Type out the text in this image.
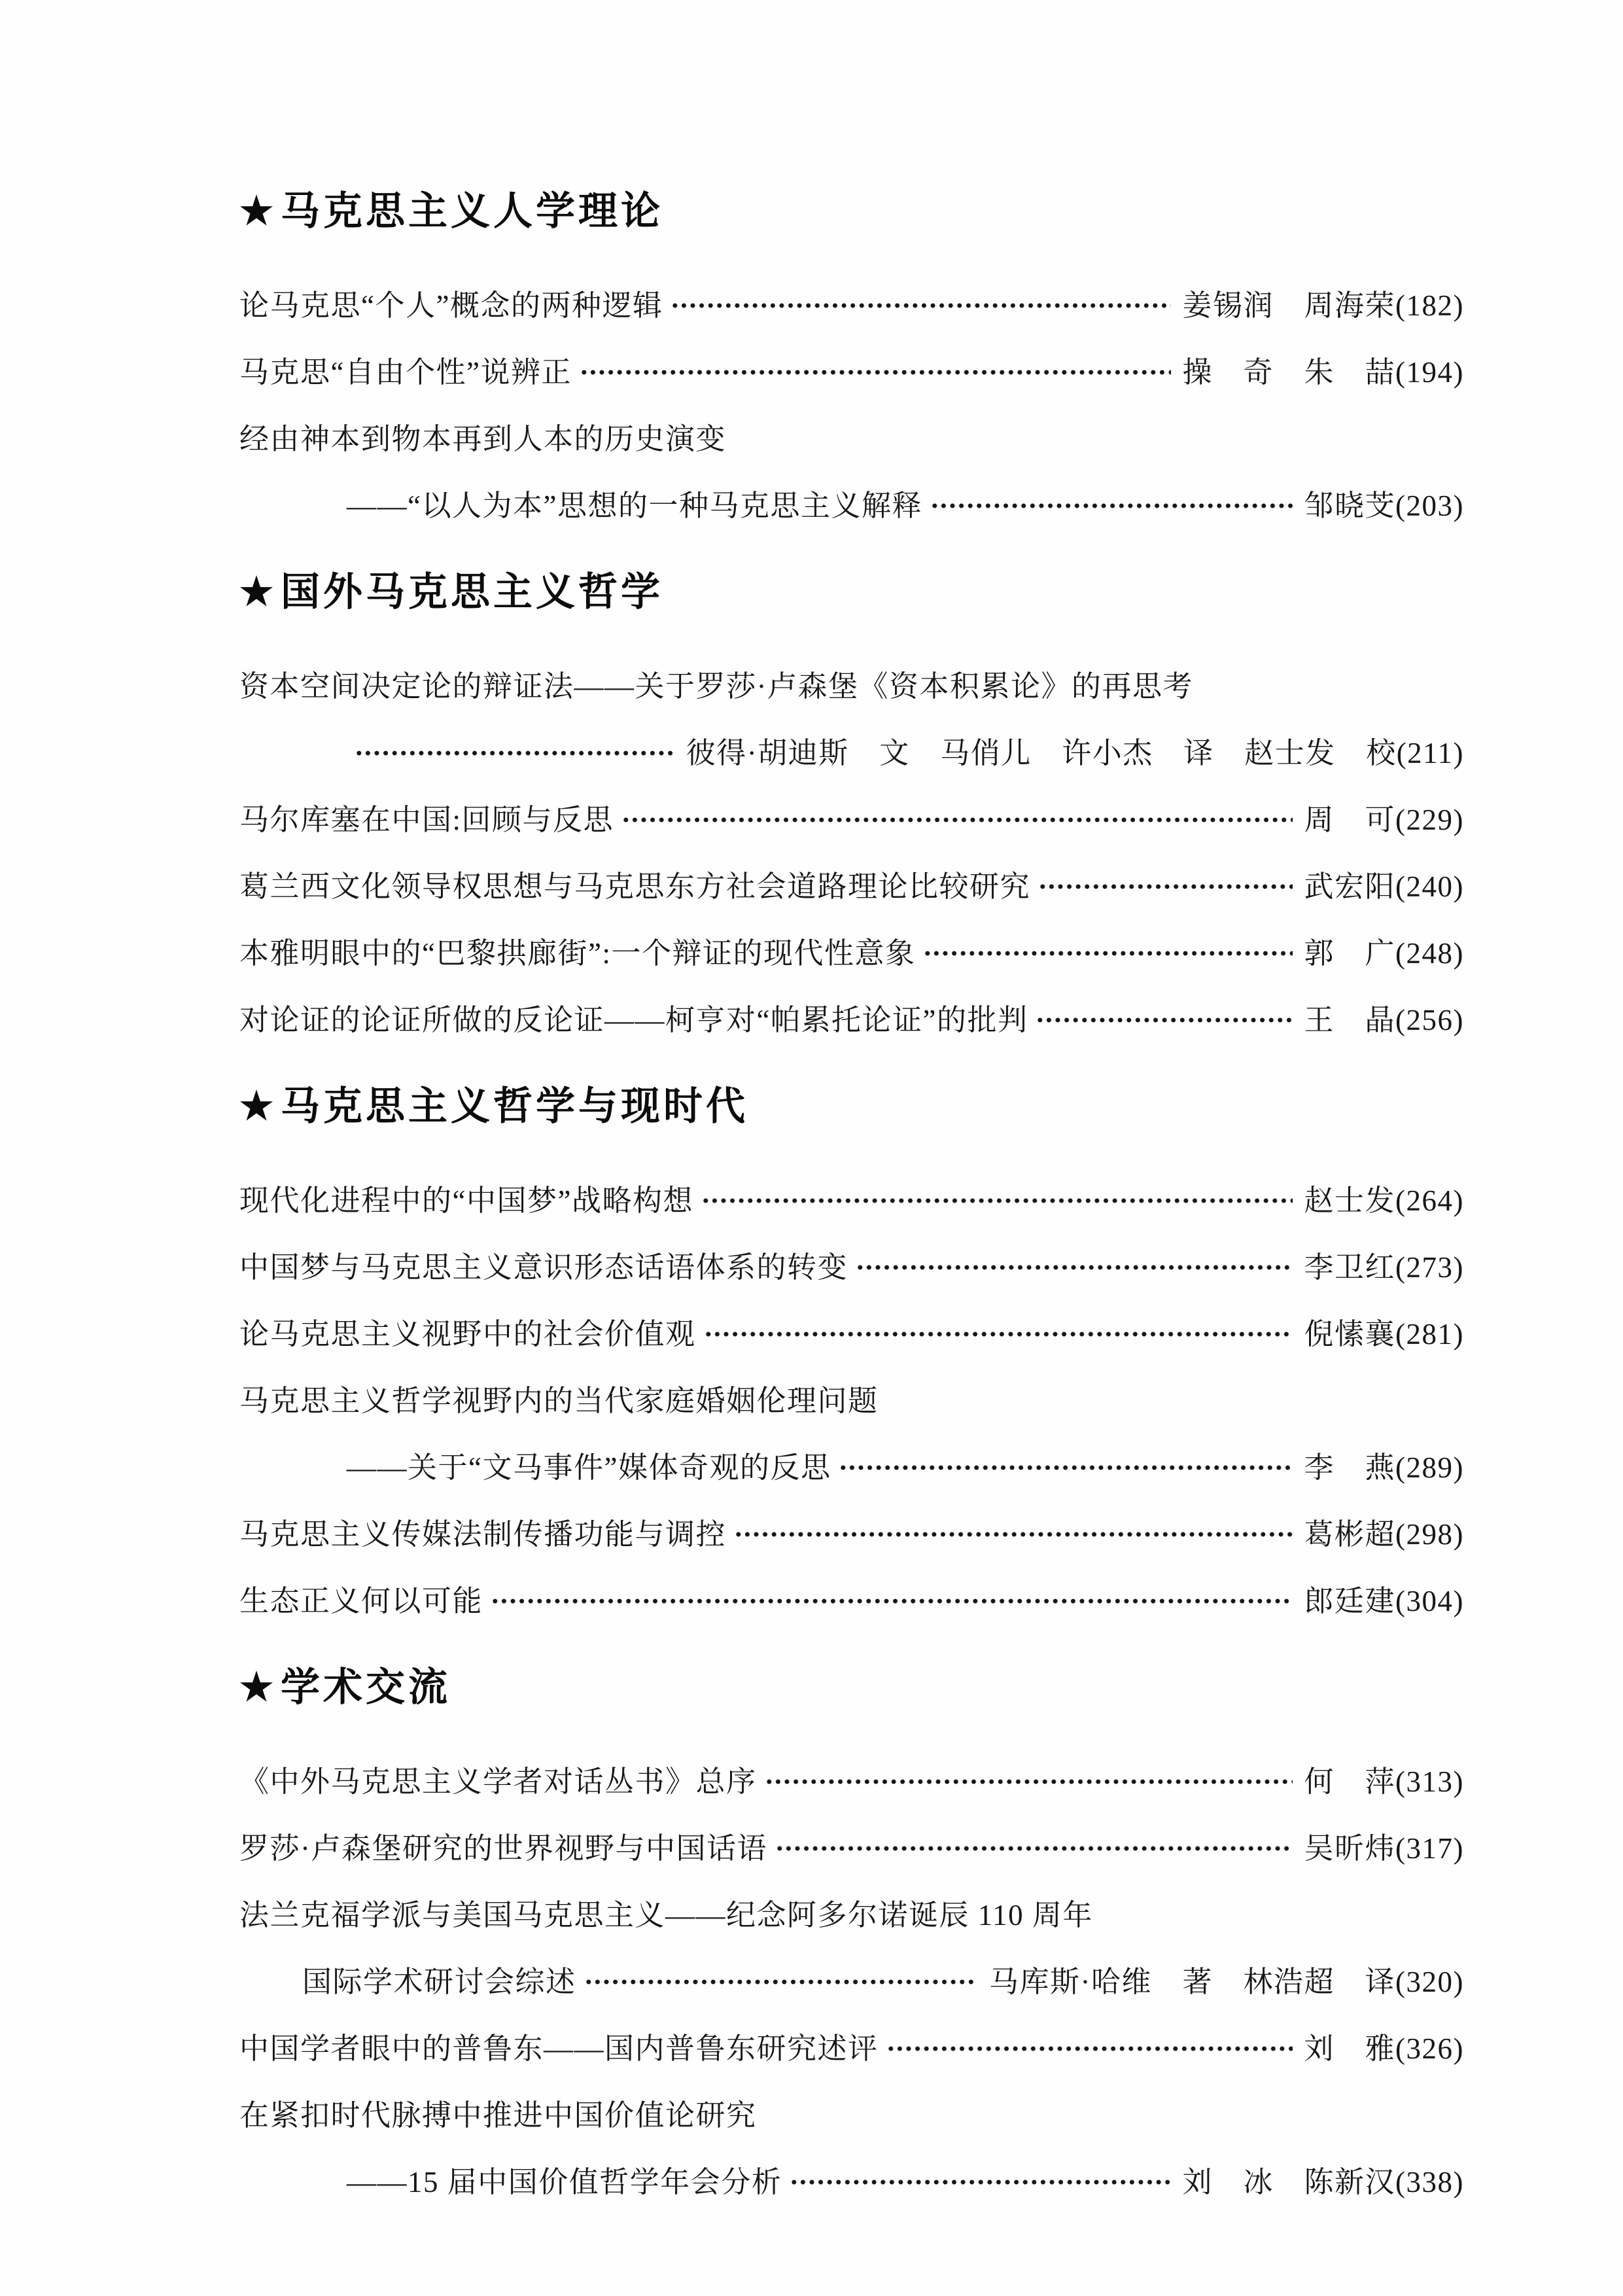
★ 马克思主义人学理论
论马克思“个人”概念的两种逻辑	姜锡润　周海荣(182)
马克思“自由个性”说辨正	操　奇　朱　喆(194)
经由神本到物本再到人本的历史演变
——“以人为本”思想的一种马克思主义解释	邹晓芠(203)
★ 国外马克思主义哲学
资本空间决定论的辩证法——关于罗莎·卢森堡《资本积累论》的再思考
彼得·胡迪斯　文　马俏儿　许小杰　译　赵士发　校(211)
马尔库塞在中国:回顾与反思	周　可(229)
葛兰西文化领导权思想与马克思东方社会道路理论比较研究	武宏阳(240)
本雅明眼中的“巴黎拱廊街”:一个辩证的现代性意象	郭　广(248)
对论证的论证所做的反论证——柯亨对“帕累托论证”的批判	王　晶(256)
★ 马克思主义哲学与现时代
现代化进程中的“中国梦”战略构想	赵士发(264)
中国梦与马克思主义意识形态话语体系的转变	李卫红(273)
论马克思主义视野中的社会价值观	倪愫襄(281)
马克思主义哲学视野内的当代家庭婚姻伦理问题
——关于“文马事件”媒体奇观的反思	李　燕(289)
马克思主义传媒法制传播功能与调控	葛彬超(298)
生态正义何以可能	郎廷建(304)
★ 学术交流
《中外马克思主义学者对话丛书》总序	何　萍(313)
罗莎·卢森堡研究的世界视野与中国话语	吴昕炜(317)
法兰克福学派与美国马克思主义——纪念阿多尔诺诞辰 110 周年
国际学术研讨会综述	马库斯·哈维　著　林浩超　译(320)
中国学者眼中的普鲁东——国内普鲁东研究述评	刘　雅(326)
在紧扣时代脉搏中推进中国价值论研究
——15 届中国价值哲学年会分析	刘　冰　陈新汉(338)
